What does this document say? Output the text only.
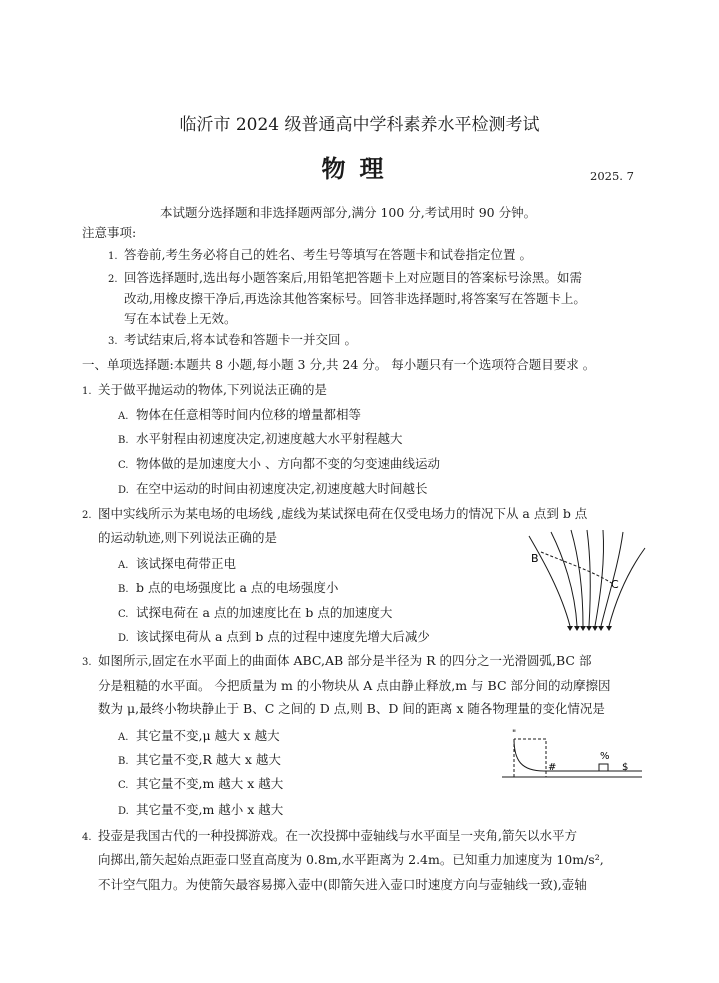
临沂市 2024 级普通高中学科素养水平检测考试
物理	2025. 7
本试题分选择题和非选择题两部分,满分 100 分,考试用时 90 分钟。
注意事项:
1. 答卷前,考生务必将自己的姓名、考生号等填写在答题卡和试卷指定位置 。
2. 回答选择题时,选出每小题答案后,用铅笔把答题卡上对应题目的答案标号涂黑。如需
改动,用橡皮擦干净后,再选涂其他答案标号。回答非选择题时,将答案写在答题卡上。
写在本试卷上无效。
3. 考试结束后,将本试卷和答题卡一并交回 。
一、单项选择题:本题共 8 小题,每小题 3 分,共 24 分。 每小题只有一个选项符合题目要求 。
1. 关于做平抛运动的物体,下列说法正确的是
A. 物体在任意相等时间内位移的增量都相等
B. 水平射程由初速度决定,初速度越大水平射程越大
C. 物体做的是加速度大小 、方向都不变的匀变速曲线运动
D. 在空中运动的时间由初速度决定,初速度越大时间越长
2. 图中实线所示为某电场的电场线 ,虚线为某试探电荷在仅受电场力的情况下从 a 点到 b 点
的运动轨迹,则下列说法正确的是
A. 该试探电荷带正电
B. b 点的电场强度比 a 点的电场强度小
C. 试探电荷在 a 点的加速度比在 b 点的加速度大
D. 该试探电荷从 a 点到 b 点的过程中速度先增大后减少
B
C
3. 如图所示,固定在水平面上的曲面体 ABC,AB 部分是半径为 R 的四分之一光滑圆弧,BC 部
分是粗糙的水平面。 今把质量为 m 的小物块从 A 点由静止释放,m 与 BC 部分间的动摩擦因
数为 μ,最终小物块静止于 B、C 之间的 D 点,则 B、D 间的距离 x 随各物理量的变化情况是
A. 其它量不变,μ 越大 x 越大
B. 其它量不变,R 越大 x 越大
C. 其它量不变,m 越大 x 越大
D. 其它量不变,m 越小 x 越大
"
#
%
$
4. 投壶是我国古代的一种投掷游戏。在一次投掷中壶轴线与水平面呈一夹角,箭矢以水平方
向掷出,箭矢起始点距壶口竖直高度为 0.8m,水平距离为 2.4m。已知重力加速度为 10m/s²,
不计空气阻力。为使箭矢最容易掷入壶中(即箭矢进入壶口时速度方向与壶轴线一致),壶轴
